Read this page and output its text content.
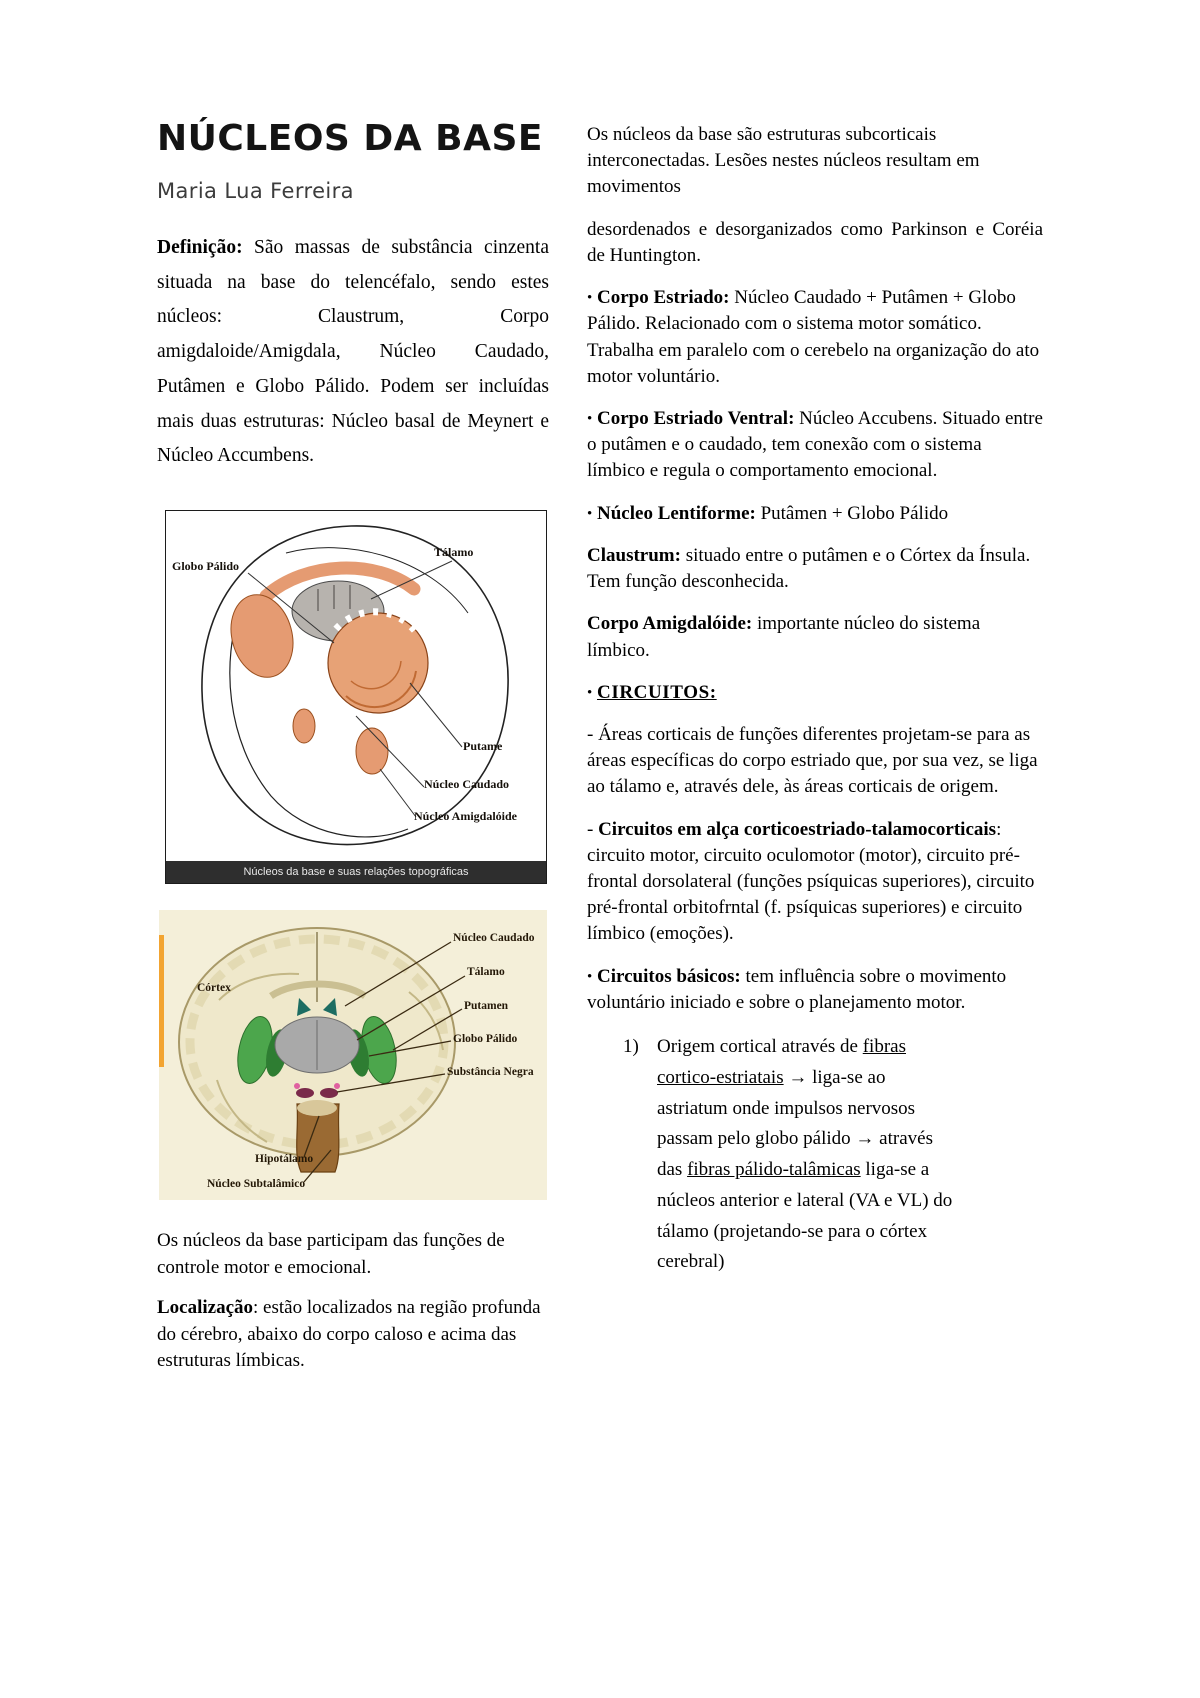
NÚCLEOS DA BASE
Maria Lua Ferreira

Definição: São massas de substância cinzenta situada na base do telencéfalo, sendo estes núcleos: Claustrum, Corpo amigdaloide/Amigdala, Núcleo Caudado, Putâmen e Globo Pálido. Podem ser incluídas mais duas estruturas: Núcleo basal de Meynert e Núcleo Accumbens.

Globo Pálido
Tálamo
Putame
Núcleo Caudado
Núcleo Amigdalóide
Núcleos da base e suas relações topográficas
Córtex
Núcleo Caudado
Tálamo
Putamen
Globo Pálido
Substância Negra
Hipotálamo
Núcleo Subtalâmico

Os núcleos da base participam das funções de controle motor e emocional.

Localização: estão localizados na região profunda do cérebro, abaixo do corpo caloso e acima das estruturas límbicas.

Os núcleos da base são estruturas subcorticais interconectadas. Lesões nestes núcleos resultam em movimentos

desordenados e desorganizados como Parkinson e Coréia de Huntington.

• Corpo Estriado: Núcleo Caudado + Putâmen + Globo Pálido. Relacionado com o sistema motor somático. Trabalha em paralelo com o cerebelo na organização do ato motor voluntário.

• Corpo Estriado Ventral: Núcleo Accubens. Situado entre o putâmen e o caudado, tem conexão com o sistema límbico e regula o comportamento emocional.

• Núcleo Lentiforme: Putâmen + Globo Pálido

Claustrum: situado entre o putâmen e o Córtex da Ínsula. Tem função desconhecida.

Corpo Amigdalóide: importante núcleo do sistema límbico.

• CIRCUITOS:

- Áreas corticais de funções diferentes projetam-se para as áreas específicas do corpo estriado que, por sua vez, se liga ao tálamo e, através dele, às áreas corticais de origem.

- Circuitos em alça corticoestriado-talamocorticais: circuito motor, circuito oculomotor (motor), circuito pré-frontal dorsolateral (funções psíquicas superiores), circuito pré-frontal orbitofrntal (f. psíquicas superiores) e circuito límbico (emoções).

• Circuitos básicos: tem influência sobre o movimento voluntário iniciado e sobre o planejamento motor.

1) Origem cortical através de fibras cortico-estriatais → liga-se ao astriatum onde impulsos nervosos passam pelo globo pálido → através das fibras pálido-talâmicas liga-se a núcleos anterior e lateral (VA e VL) do tálamo (projetando-se para o córtex cerebral)
